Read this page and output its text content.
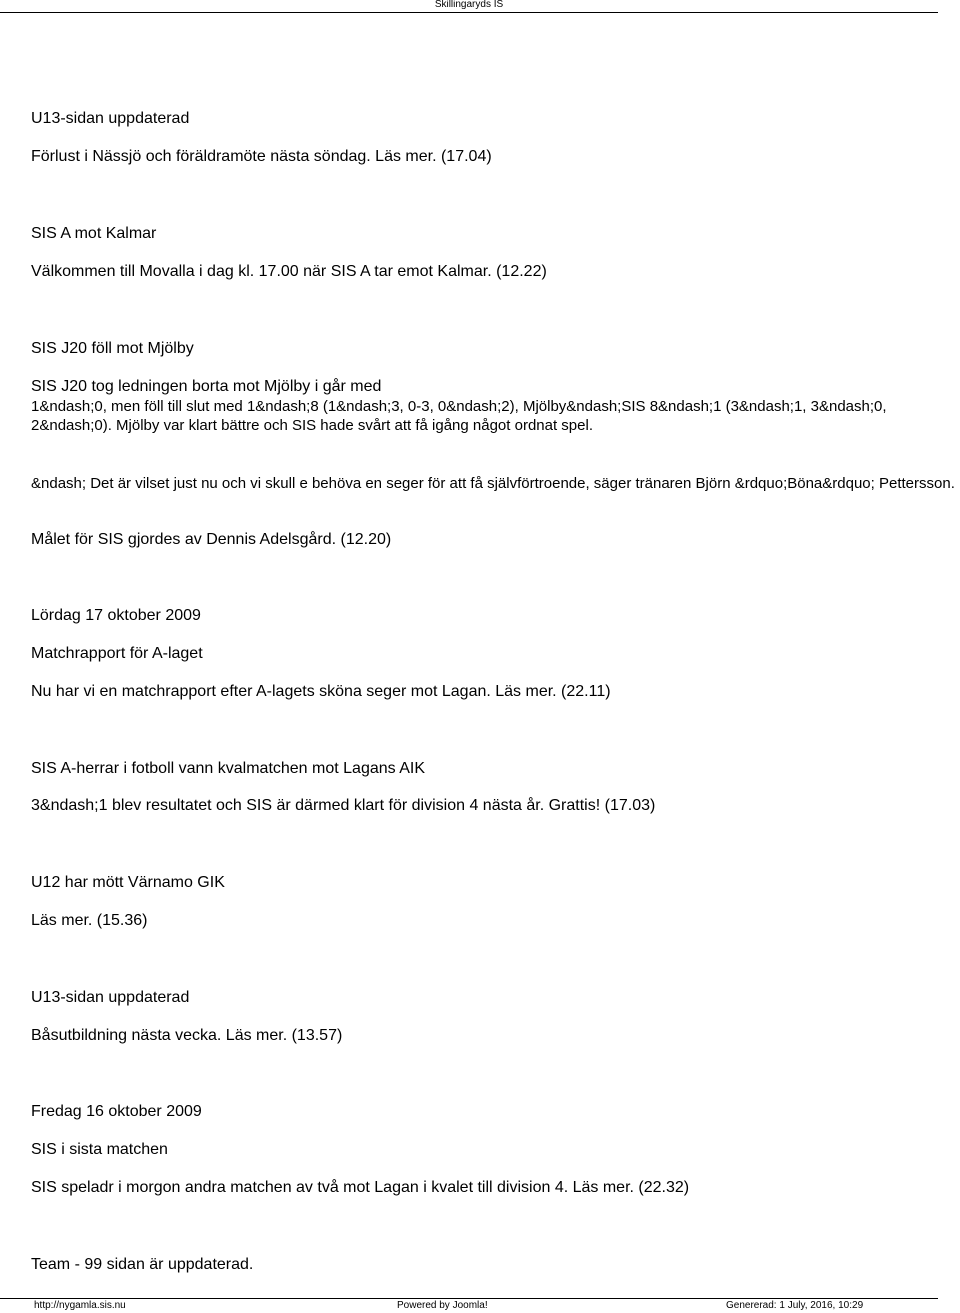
Skillingaryds IS
U13-sidan uppdaterad
Förlust i Nässjö och föräldramöte nästa söndag. Läs mer. (17.04)
SIS A mot Kalmar
Välkommen till Movalla i dag kl. 17.00 när SIS A tar emot Kalmar. (12.22)
SIS J20 föll mot Mjölby
SIS J20 tog ledningen borta mot Mjölby i går med
1&ndash;0, men föll till slut med 1&ndash;8 (1&ndash;3, 0-3, 0&ndash;2), Mjölby&ndash;SIS 8&ndash;1 (3&ndash;1, 3&ndash;0, 2&ndash;0). Mjölby var klart bättre och SIS hade svårt att få igång något ordnat spel.
&ndash; Det är vilset just nu och vi skull e behöva en seger för att få självförtroende, säger tränaren Björn &rdquo;Böna&rdquo; Pettersson.
Målet för SIS gjordes av Dennis Adelsgård. (12.20)
Lördag 17 oktober 2009
Matchrapport för A-laget
Nu har vi en matchrapport efter A-lagets sköna seger mot Lagan. Läs mer. (22.11)
SIS A-herrar i fotboll vann kvalmatchen mot Lagans AIK
3&ndash;1 blev resultatet och SIS är därmed klart för division 4 nästa år. Grattis! (17.03)
U12 har mött Värnamo GIK
Läs mer. (15.36)
U13-sidan uppdaterad
Båsutbildning nästa vecka. Läs mer. (13.57)
Fredag 16 oktober 2009
SIS i sista matchen
SIS speladr i morgon andra matchen av två mot Lagan i kvalet till division 4. Läs mer. (22.32)
Team - 99 sidan är uppdaterad.
http://nygamla.sis.nu	Powered by Joomla!	Genererad: 1 July, 2016, 10:29
